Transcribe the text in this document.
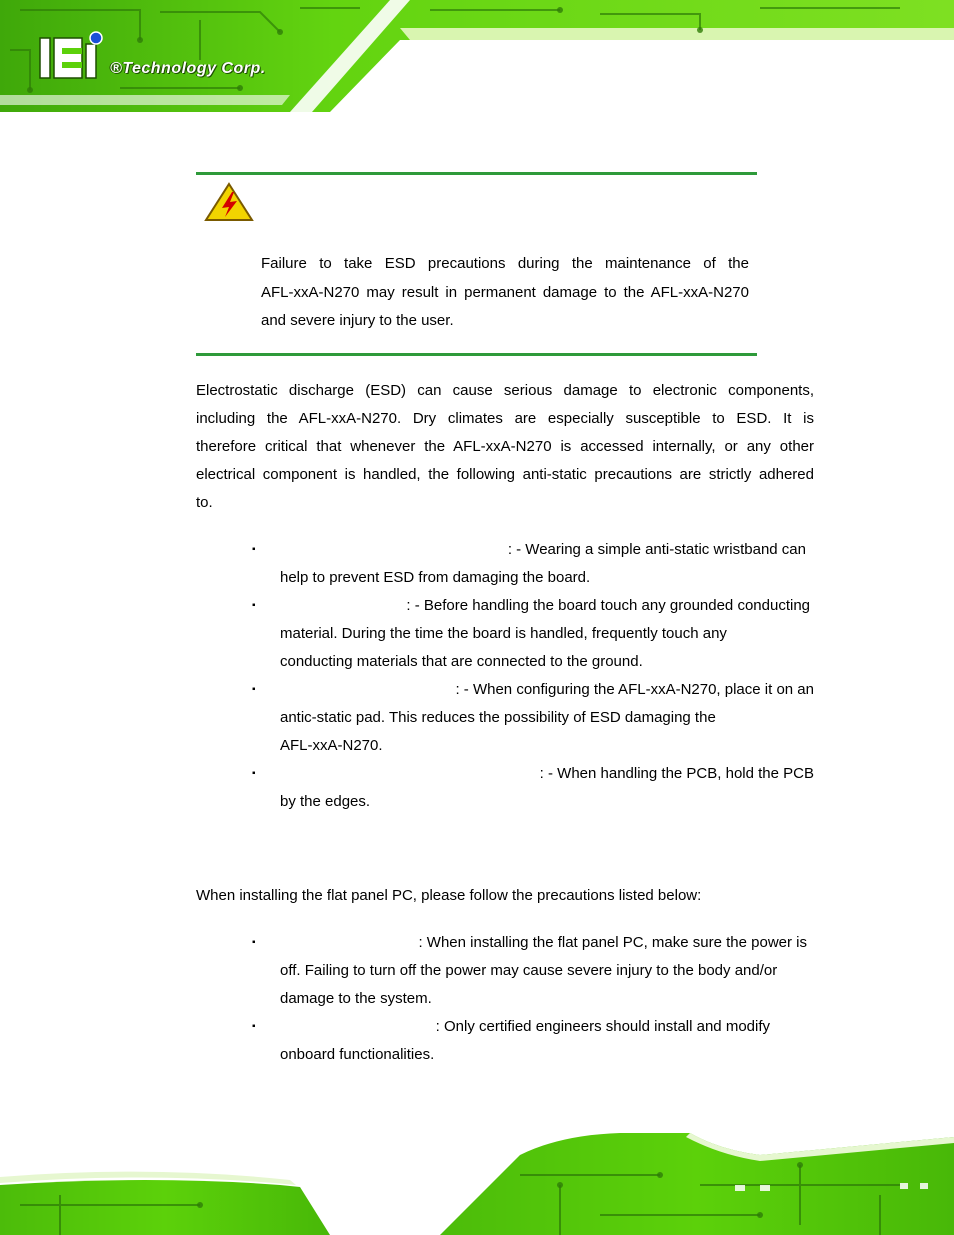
®Technology Corp.
Failure to take ESD precautions during the maintenance of the
AFL-xxA-N270 may result in permanent damage to the AFL-xxA-N270
and severe injury to the user.
Electrostatic discharge (ESD) can cause serious damage to electronic components,
including the AFL-xxA-N270. Dry climates are especially susceptible to ESD. It is
therefore critical that whenever the AFL-xxA-N270 is accessed internally, or any other
electrical component is handled, the following anti-static precautions are strictly adhered
to.
▪	: - Wearing a simple anti-static wristband can
help to prevent ESD from damaging the board.
▪	: - Before handling the board touch any grounded conducting
material. During the time the board is handled, frequently touch any
conducting materials that are connected to the ground.
▪	: - When configuring the AFL-xxA-N270, place it on an
antic-static pad. This reduces the possibility of ESD damaging the
AFL-xxA-N270.
▪	: - When handling the PCB, hold the PCB
by the edges.
When installing the flat panel PC, please follow the precautions listed below:
▪	: When installing the flat panel PC, make sure the power is
off. Failing to turn off the power may cause severe injury to the body and/or
damage to the system.
▪	: Only certified engineers should install and modify
onboard functionalities.
